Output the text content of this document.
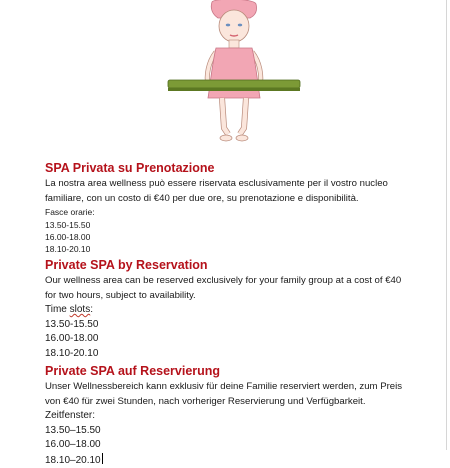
SPA Privata su Prenotazione

La nostra area wellness può essere riservata esclusivamente per il vostro nucleo

familiare, con un costo di €40 per due ore, su prenotazione e disponibilità.

Fasce orarie:

13.50-15.50

16.00-18.00

18.10-20.10

Private SPA by Reservation

Our wellness area can be reserved exclusively for your family group at a cost of €40

for two hours, subject to availability.

Time slots:

13.50-15.50

16.00-18.00

18.10-20.10

Private SPA auf Reservierung

Unser Wellnessbereich kann exklusiv für deine Familie reserviert werden, zum Preis

von €40 für zwei Stunden, nach vorheriger Reservierung und Verfügbarkeit.

Zeitfenster:

13.50–15.50

16.00–18.00

18.10–20.10
